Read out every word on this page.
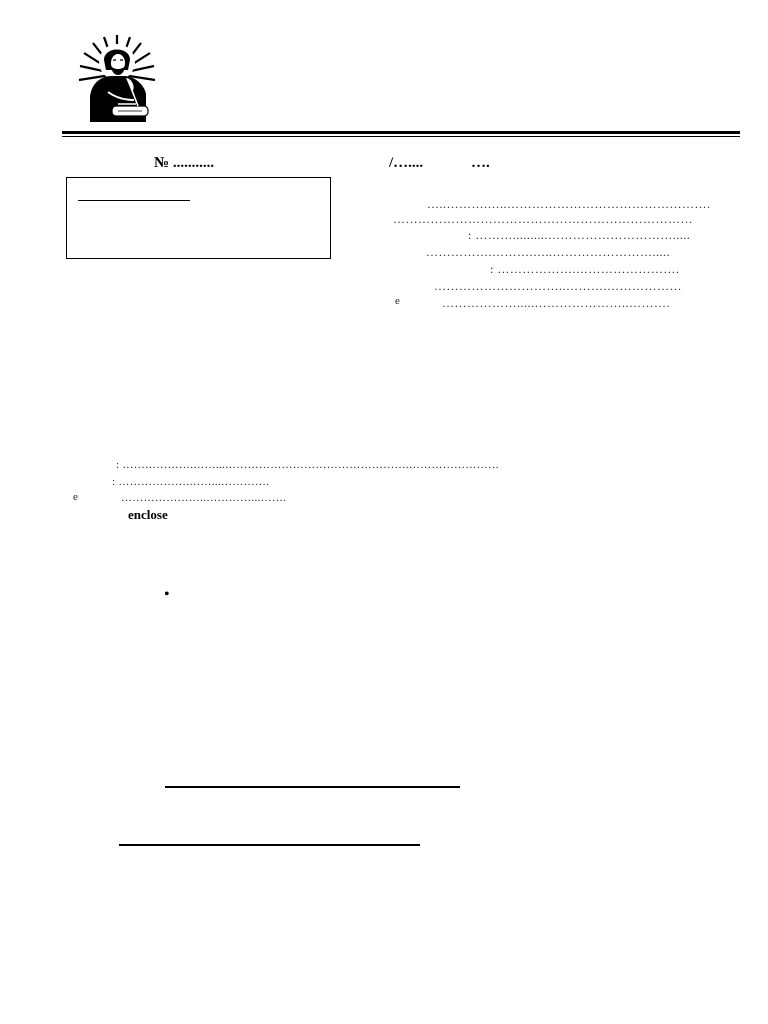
№ ...........	/…....	….
…..……….…..………………………………………….
………………………………………………………………
: ………..........………………………….....
…………….……….…..…………………….....
: ……………….…………………….
…………………………..……….………………
e	……………….....…………………..……….
: ……………….……...………………………………………….……………………
: ……………….……...………….
e	…………………..…………...…….
enclose
•
